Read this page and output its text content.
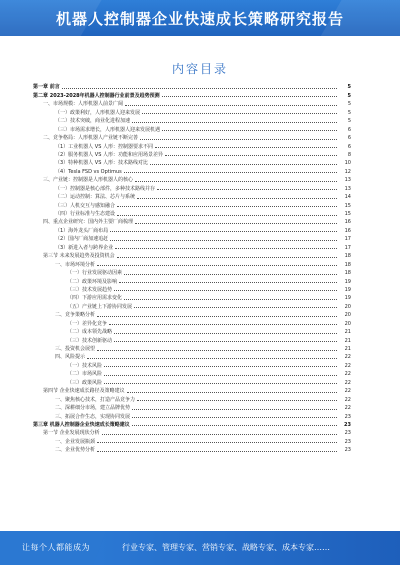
机器人控制器企业快速成长策略研究报告
内容目录
第一章 前言	5
第二章 2023-2028年机器人控制器行业前景及趋势预测	5
一、市场规模：人形机器人前景广阔	5
（一）政策利好，人形机器人迎来发展	5
（二）技术突破，商业化进程加速	5
（三）市场需求增长，人形机器人迎来发展机遇	6
二、竞争格局：人形机器人产业链不断完善	6
（1）工业机器人 VS 人形：控制器要求不同	6
（2）服务机器人 VS 人形：功能和应用场景差异	8
（3）特种机器人 VS 人形：技术路线对比	10
（4）Tesla FSD vs Optimus	12
三、产业链：控制器是人形机器人的核心	13
（一）控制器是核心部件，多种技术路线并存	13
（二）运动控制：算法、芯片与系统	14
（三）人机交互与感知融合	15
（四）行业标准与生态建设	15
四、重点企业研究：国内外主要厂商梳理	16
（1）海外龙头厂商布局	16
（2）国内厂商加速追赶	17
（3）新进入者与跨界企业	17
第三节 未来发展趋势及投资机会	18
一、市场环境分析	18
（一）行业发展驱动因素	18
（二）政策环境及影响	19
（三）技术发展趋势	19
（四）下游应用需求变化	19
（五）产业链上下游协同发展	20
二、竞争策略分析	20
（一）差异化竞争	20
（二）成本领先战略	21
（三）技术创新驱动	21
三、投资机会展望	21
四、风险提示	22
（一）技术风险	22
（二）市场风险	22
（三）政策风险	22
第四节 企业快速成长路径及策略建议	22
一、聚焦核心技术，打造产品竞争力	22
二、深耕细分市场，建立品牌优势	22
三、拓展合作生态，实现协同发展	23
第三章 机器人控制器企业快速成长策略建议	23
第一节 企业发展现状分析	23
一、企业发展瓶颈	23
二、企业优势分析	23
让每个人都能成为	行业专家、管理专家、营销专家、战略专家、成本专家……
